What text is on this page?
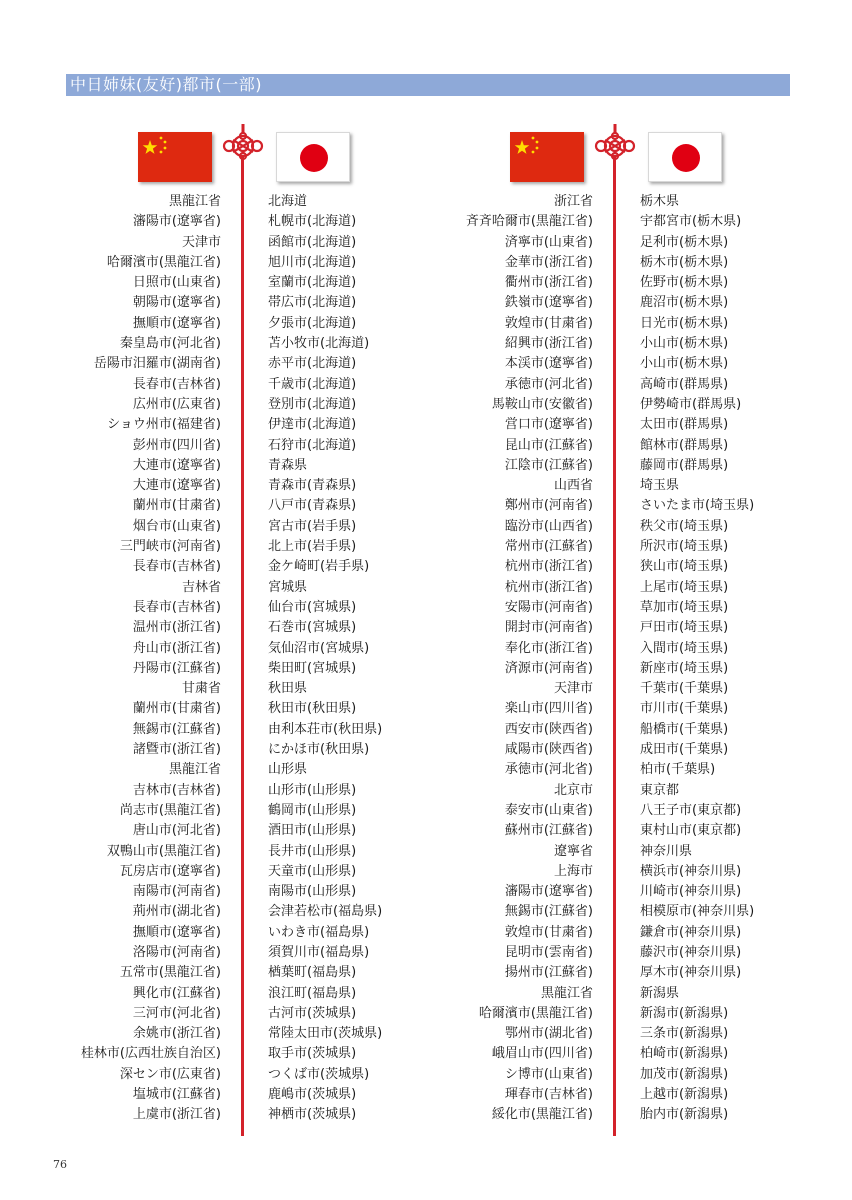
中日姉妹(友好)都市(一部)
黒龍江省
瀋陽市(遼寧省)
天津市
哈爾濱市(黒龍江省)
日照市(山東省)
朝陽市(遼寧省)
撫順市(遼寧省)
秦皇島市(河北省)
岳陽市汨羅市(湖南省)
長春市(吉林省)
広州市(広東省)
ショウ州市(福建省)
彭州市(四川省)
大連市(遼寧省)
大連市(遼寧省)
蘭州市(甘粛省)
烟台市(山東省)
三門峡市(河南省)
長春市(吉林省)
吉林省
長春市(吉林省)
温州市(浙江省)
舟山市(浙江省)
丹陽市(江蘇省)
甘粛省
蘭州市(甘粛省)
無錫市(江蘇省)
諸曁市(浙江省)
黒龍江省
吉林市(吉林省)
尚志市(黒龍江省)
唐山市(河北省)
双鴨山市(黒龍江省)
瓦房店市(遼寧省)
南陽市(河南省)
荊州市(湖北省)
撫順市(遼寧省)
洛陽市(河南省)
五常市(黒龍江省)
興化市(江蘇省)
三河市(河北省)
余姚市(浙江省)
桂林市(広西壮族自治区)
深セン市(広東省)
塩城市(江蘇省)
上虞市(浙江省)
北海道
札幌市(北海道)
函館市(北海道)
旭川市(北海道)
室蘭市(北海道)
帯広市(北海道)
夕張市(北海道)
苫小牧市(北海道)
赤平市(北海道)
千歳市(北海道)
登別市(北海道)
伊達市(北海道)
石狩市(北海道)
青森県
青森市(青森県)
八戸市(青森県)
宮古市(岩手県)
北上市(岩手県)
金ケ崎町(岩手県)
宮城県
仙台市(宮城県)
石巻市(宮城県)
気仙沼市(宮城県)
柴田町(宮城県)
秋田県
秋田市(秋田県)
由利本荘市(秋田県)
にかほ市(秋田県)
山形県
山形市(山形県)
鶴岡市(山形県)
酒田市(山形県)
長井市(山形県)
天童市(山形県)
南陽市(山形県)
会津若松市(福島県)
いわき市(福島県)
須賀川市(福島県)
楢葉町(福島県)
浪江町(福島県)
古河市(茨城県)
常陸太田市(茨城県)
取手市(茨城県)
つくば市(茨城県)
鹿嶋市(茨城県)
神栖市(茨城県)
浙江省
斉斉哈爾市(黒龍江省)
済寧市(山東省)
金華市(浙江省)
衢州市(浙江省)
鉄嶺市(遼寧省)
敦煌市(甘粛省)
紹興市(浙江省)
本渓市(遼寧省)
承徳市(河北省)
馬鞍山市(安徽省)
営口市(遼寧省)
昆山市(江蘇省)
江陰市(江蘇省)
山西省
鄭州市(河南省)
臨汾市(山西省)
常州市(江蘇省)
杭州市(浙江省)
杭州市(浙江省)
安陽市(河南省)
開封市(河南省)
奉化市(浙江省)
済源市(河南省)
天津市
楽山市(四川省)
西安市(陝西省)
咸陽市(陝西省)
承徳市(河北省)
北京市
泰安市(山東省)
蘇州市(江蘇省)
遼寧省
上海市
瀋陽市(遼寧省)
無錫市(江蘇省)
敦煌市(甘粛省)
昆明市(雲南省)
揚州市(江蘇省)
黒龍江省
哈爾濱市(黒龍江省)
鄂州市(湖北省)
峨眉山市(四川省)
シ博市(山東省)
琿春市(吉林省)
綏化市(黒龍江省)
栃木県
宇都宮市(栃木県)
足利市(栃木県)
栃木市(栃木県)
佐野市(栃木県)
鹿沼市(栃木県)
日光市(栃木県)
小山市(栃木県)
小山市(栃木県)
高崎市(群馬県)
伊勢崎市(群馬県)
太田市(群馬県)
館林市(群馬県)
藤岡市(群馬県)
埼玉県
さいたま市(埼玉県)
秩父市(埼玉県)
所沢市(埼玉県)
狭山市(埼玉県)
上尾市(埼玉県)
草加市(埼玉県)
戸田市(埼玉県)
入間市(埼玉県)
新座市(埼玉県)
千葉市(千葉県)
市川市(千葉県)
船橋市(千葉県)
成田市(千葉県)
柏市(千葉県)
東京都
八王子市(東京都)
東村山市(東京都)
神奈川県
横浜市(神奈川県)
川崎市(神奈川県)
相模原市(神奈川県)
鎌倉市(神奈川県)
藤沢市(神奈川県)
厚木市(神奈川県)
新潟県
新潟市(新潟県)
三条市(新潟県)
柏崎市(新潟県)
加茂市(新潟県)
上越市(新潟県)
胎内市(新潟県)
76
